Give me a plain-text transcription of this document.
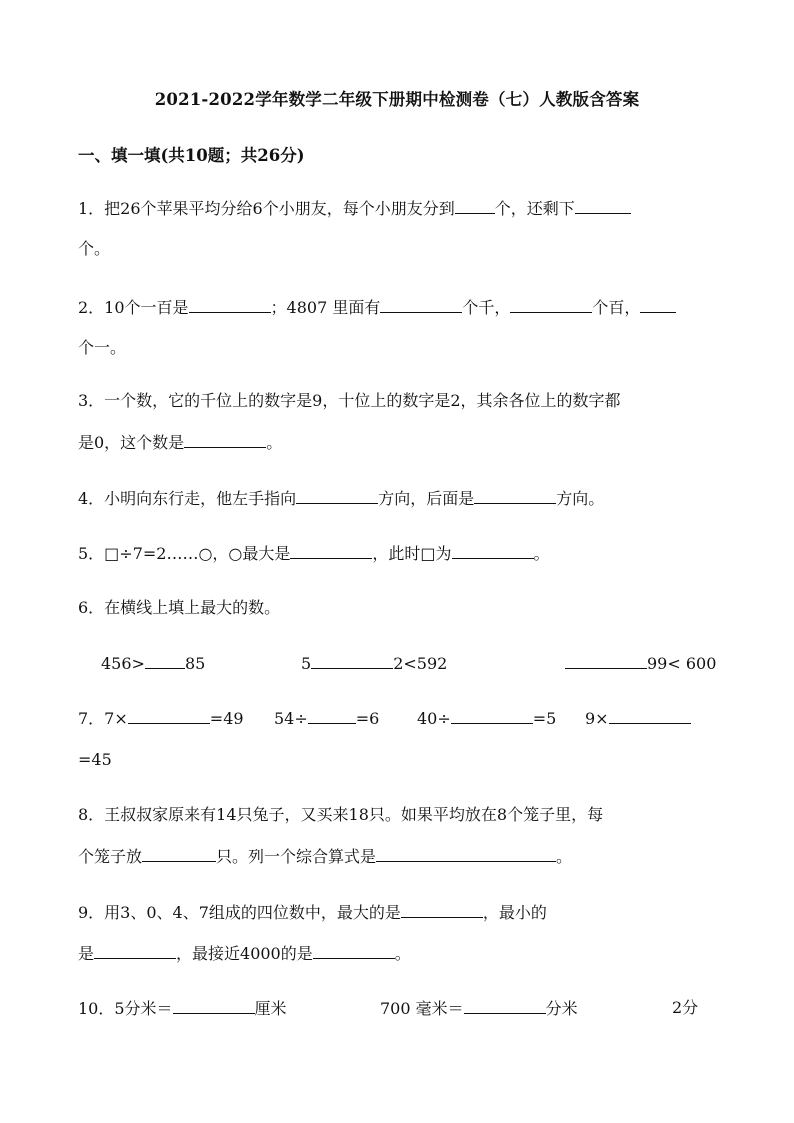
2021-2022学年数学二年级下册期中检测卷（七）人教版含答案
一、填一填(共10题；共26分)
1．把26个苹果平均分给6个小朋友，每个小朋友分到	个，还剩下
个。
2．10个一百是	；4807 里面有	个千，	个百，
个一。
3．一个数，它的千位上的数字是9，十位上的数字是2，其余各位上的数字都
是0，这个数是	。
4．小明向东行走，他左手指向	方向，后面是	方向。
5．□÷7=2……○，○最大是	，此时□为	。
6．在横线上填上最大的数。
456>	85	5	2<592	99< 600
7．7×	=49 54÷	=6 40÷	=5 9×
=45
8．王叔叔家原来有14只兔子，又买来18只。如果平均放在8个笼子里，每
个笼子放	只。列一个综合算式是	。
9．用3、0、4、7组成的四位数中，最大的是	，最小的
是	，最接近4000的是	。
10．5分米＝	厘米	700 毫米＝	分米	2分
